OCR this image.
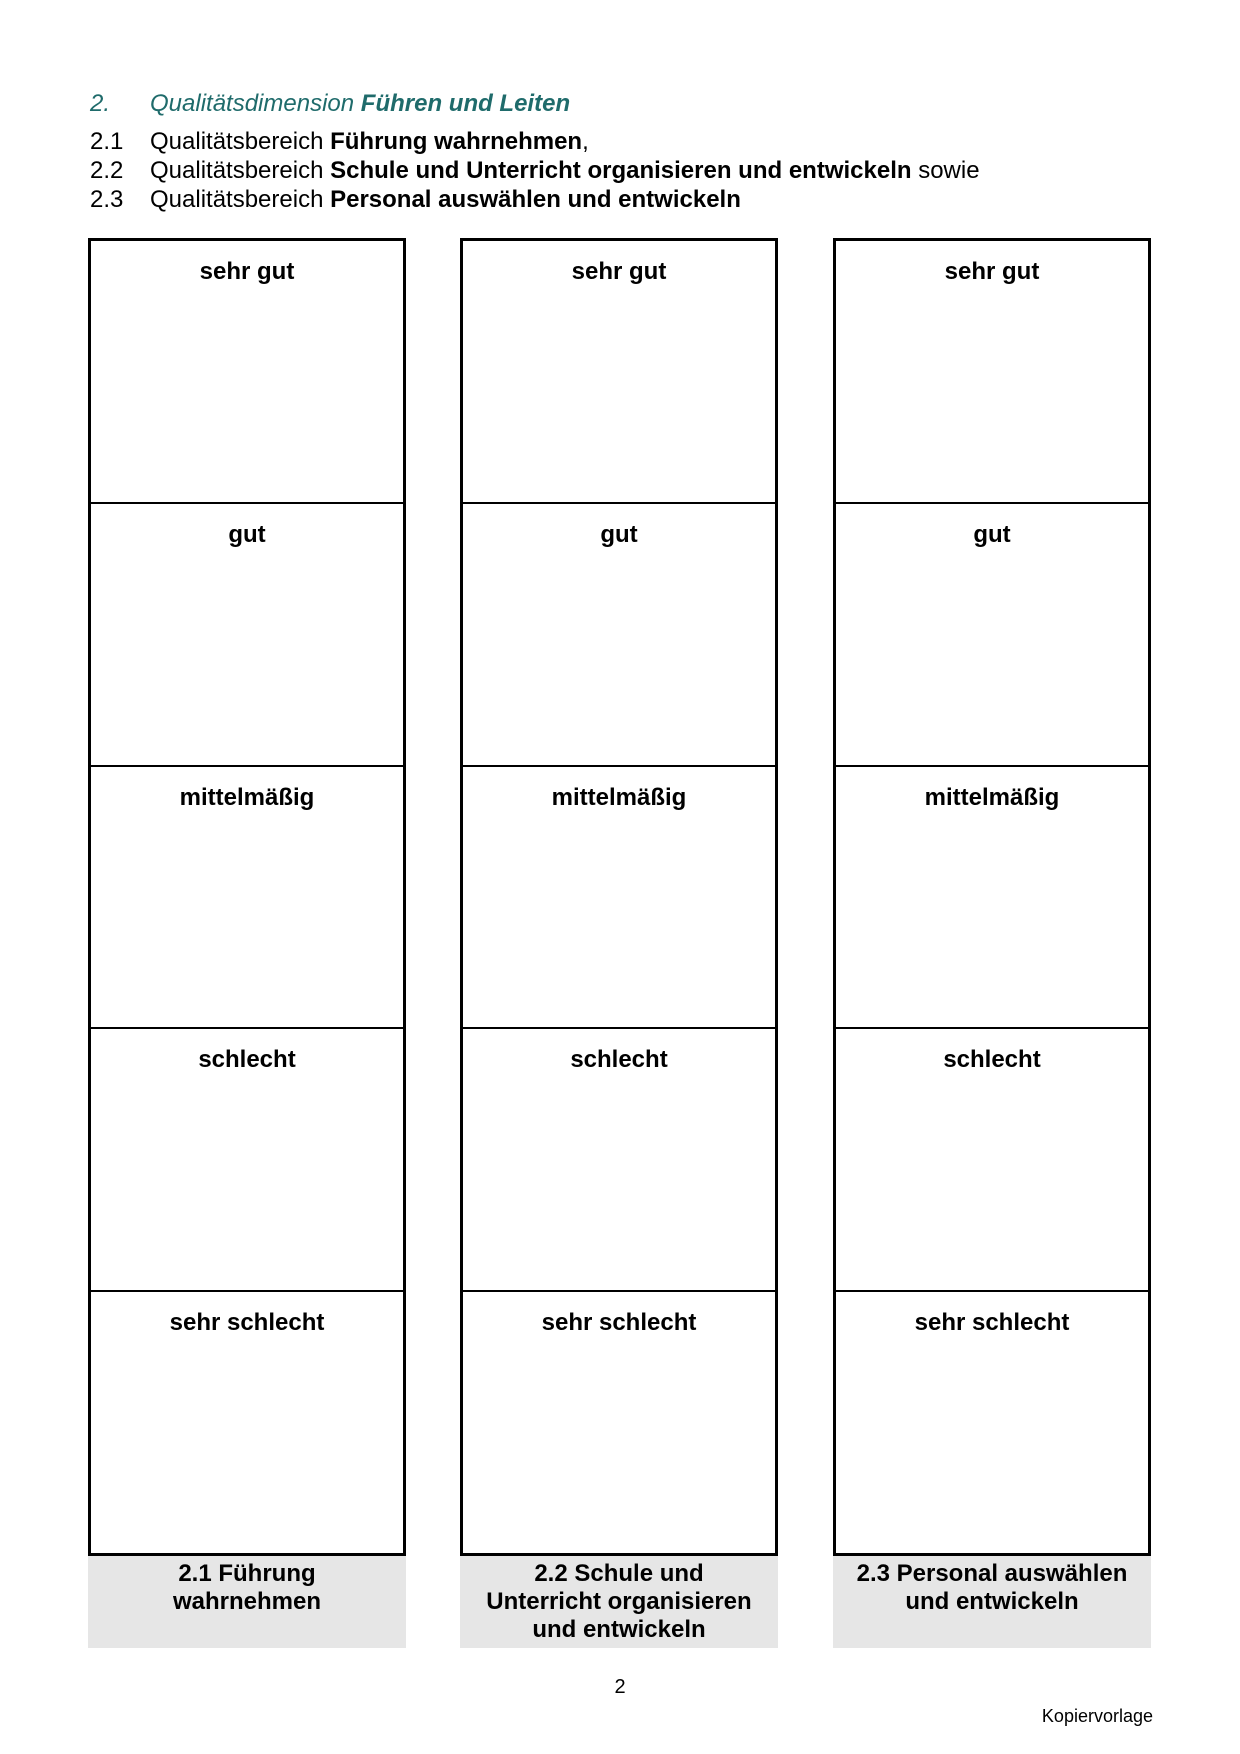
2. Qualitätsdimension Führen und Leiten
2.1 Qualitätsbereich Führung wahrnehmen,
2.2 Qualitätsbereich Schule und Unterricht organisieren und entwickeln sowie
2.3 Qualitätsbereich Personal auswählen und entwickeln
sehr gut
gut
mittelmäßig
schlecht
sehr schlecht
2.1 Führung
wahrnehmen
sehr gut
gut
mittelmäßig
schlecht
sehr schlecht
2.2 Schule und
Unterricht organisieren
und entwickeln
sehr gut
gut
mittelmäßig
schlecht
sehr schlecht
2.3 Personal auswählen
und entwickeln
2
Kopiervorlage
